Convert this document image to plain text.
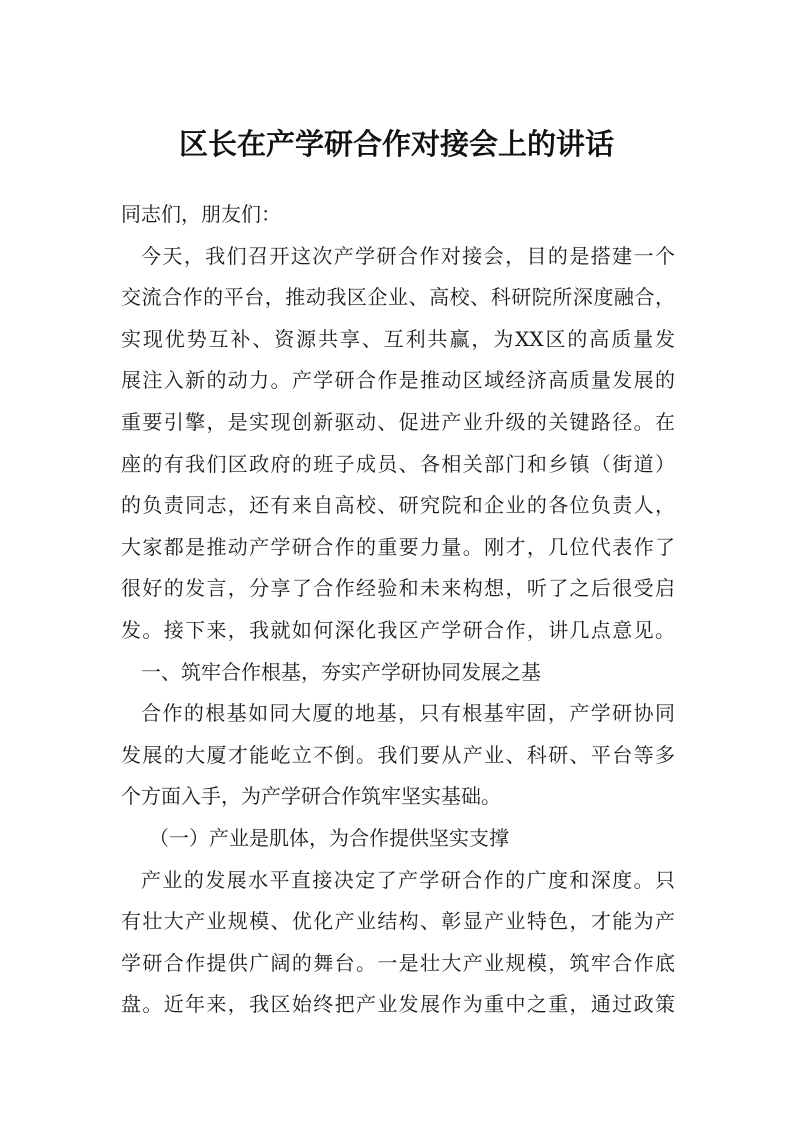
区长在产学研合作对接会上的讲话
同志们，朋友们：
今天，我们召开这次产学研合作对接会，目的是搭建一个
交流合作的平台，推动我区企业、高校、科研院所深度融合，
实现优势互补、资源共享、互利共赢，为XX区的高质量发
展注入新的动力。产学研合作是推动区域经济高质量发展的
重要引擎，是实现创新驱动、促进产业升级的关键路径。在
座的有我们区政府的班子成员、各相关部门和乡镇（街道）
的负责同志，还有来自高校、研究院和企业的各位负责人，
大家都是推动产学研合作的重要力量。刚才，几位代表作了
很好的发言，分享了合作经验和未来构想，听了之后很受启
发。接下来，我就如何深化我区产学研合作，讲几点意见。
一、筑牢合作根基，夯实产学研协同发展之基
合作的根基如同大厦的地基，只有根基牢固，产学研协同
发展的大厦才能屹立不倒。我们要从产业、科研、平台等多
个方面入手，为产学研合作筑牢坚实基础。
（一）产业是肌体，为合作提供坚实支撑
产业的发展水平直接决定了产学研合作的广度和深度。只
有壮大产业规模、优化产业结构、彰显产业特色，才能为产
学研合作提供广阔的舞台。一是壮大产业规模，筑牢合作底
盘。近年来，我区始终把产业发展作为重中之重，通过政策
